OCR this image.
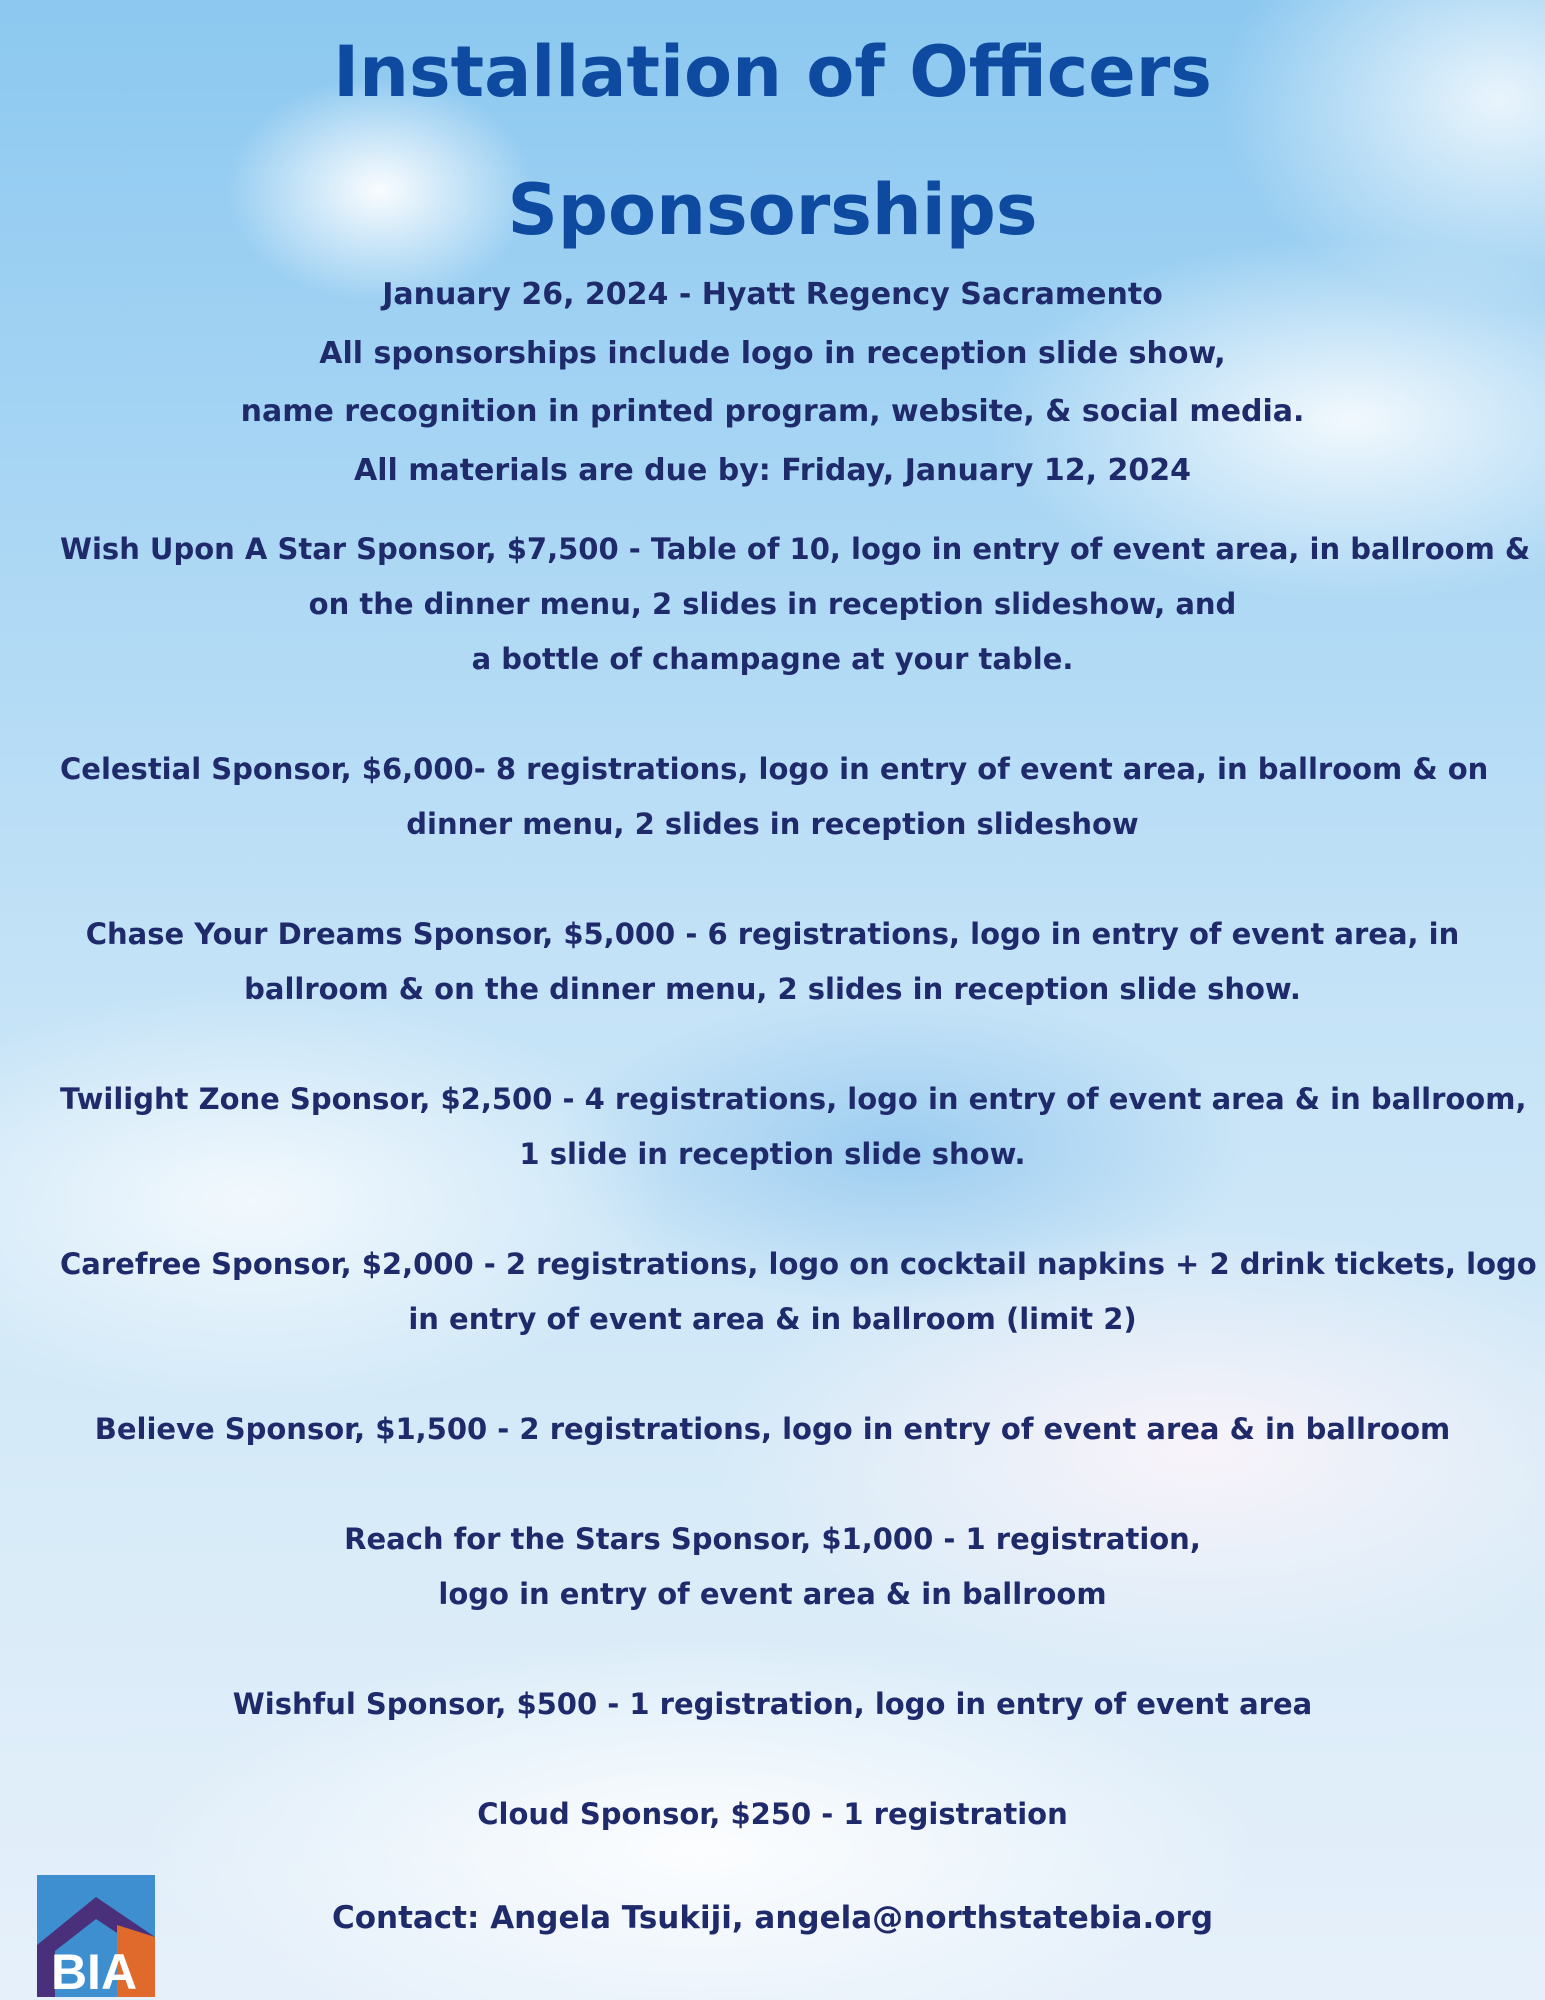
Installation of Officers
Sponsorships
January 26, 2024 - Hyatt Regency Sacramento
All sponsorships include logo in reception slide show,
name recognition in printed program, website, & social media.
All materials are due by: Friday, January 12, 2024
Wish Upon A Star Sponsor, $7,500 - Table of 10, logo in entry of event area, in ballroom &
on the dinner menu, 2 slides in reception slideshow, and
a bottle of champagne at your table.
Celestial Sponsor, $6,000- 8 registrations, logo in entry of event area, in ballroom & on
dinner menu, 2 slides in reception slideshow
Chase Your Dreams Sponsor, $5,000 - 6 registrations, logo in entry of event area, in
ballroom & on the dinner menu, 2 slides in reception slide show.
Twilight Zone Sponsor, $2,500 - 4 registrations, logo in entry of event area & in ballroom,
1 slide in reception slide show.
Carefree Sponsor, $2,000 - 2 registrations, logo on cocktail napkins + 2 drink tickets, logo
in entry of event area & in ballroom (limit 2)
Believe Sponsor, $1,500 - 2 registrations, logo in entry of event area & in ballroom
Reach for the Stars Sponsor, $1,000 - 1 registration,
logo in entry of event area & in ballroom
Wishful Sponsor, $500 - 1 registration, logo in entry of event area
Cloud Sponsor, $250 - 1 registration
Contact: Angela Tsukiji, angela@northstatebia.org
BIA
